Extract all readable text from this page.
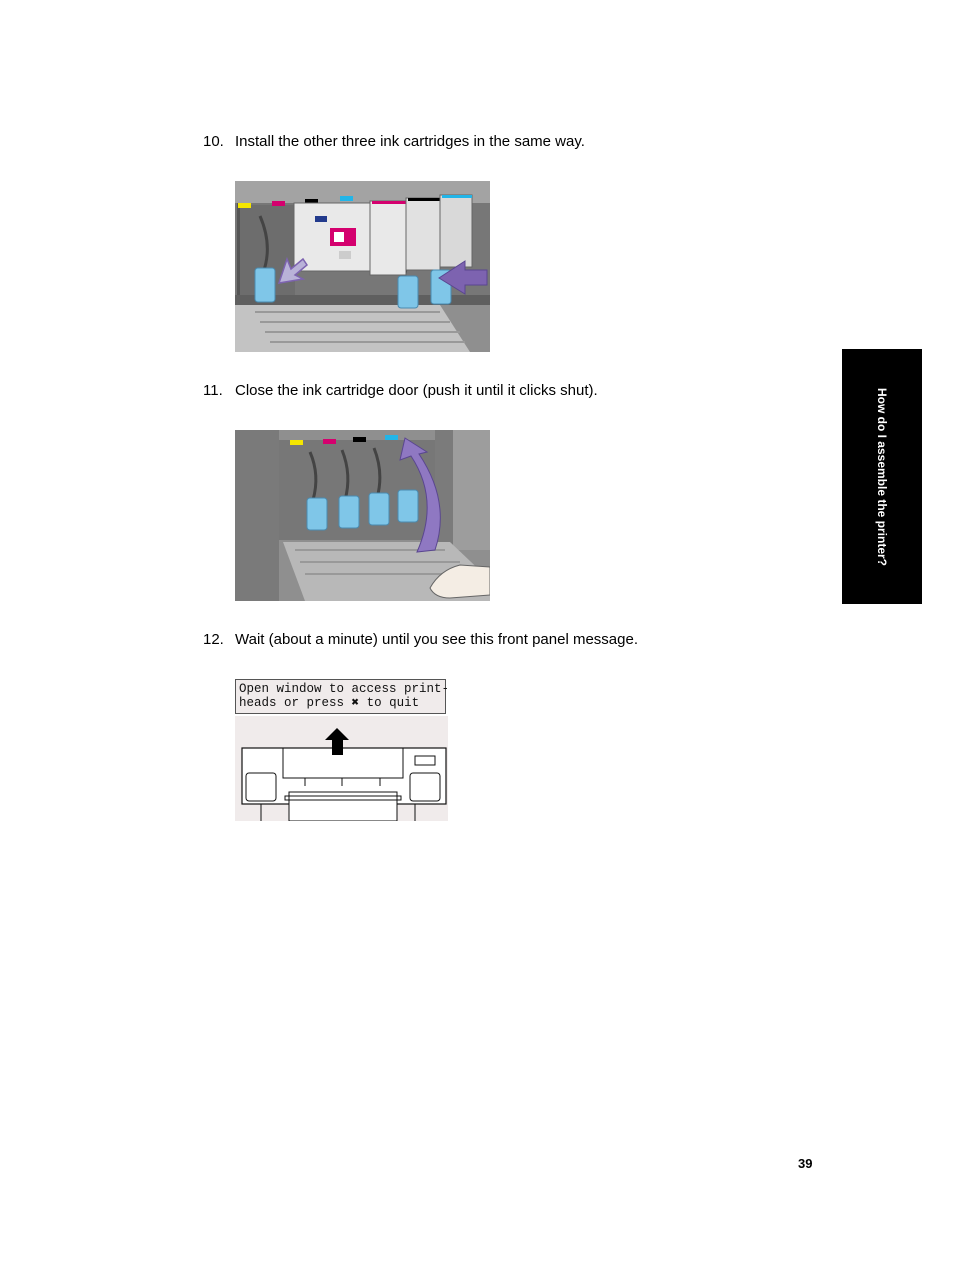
10. Install the other three ink cartridges in the same way.
11. Close the ink cartridge door (push it until it clicks shut).
12. Wait (about a minute) until you see this front panel message.
Open window to access print-
heads or press ✖ to quit
How do I assemble the printer?
39
